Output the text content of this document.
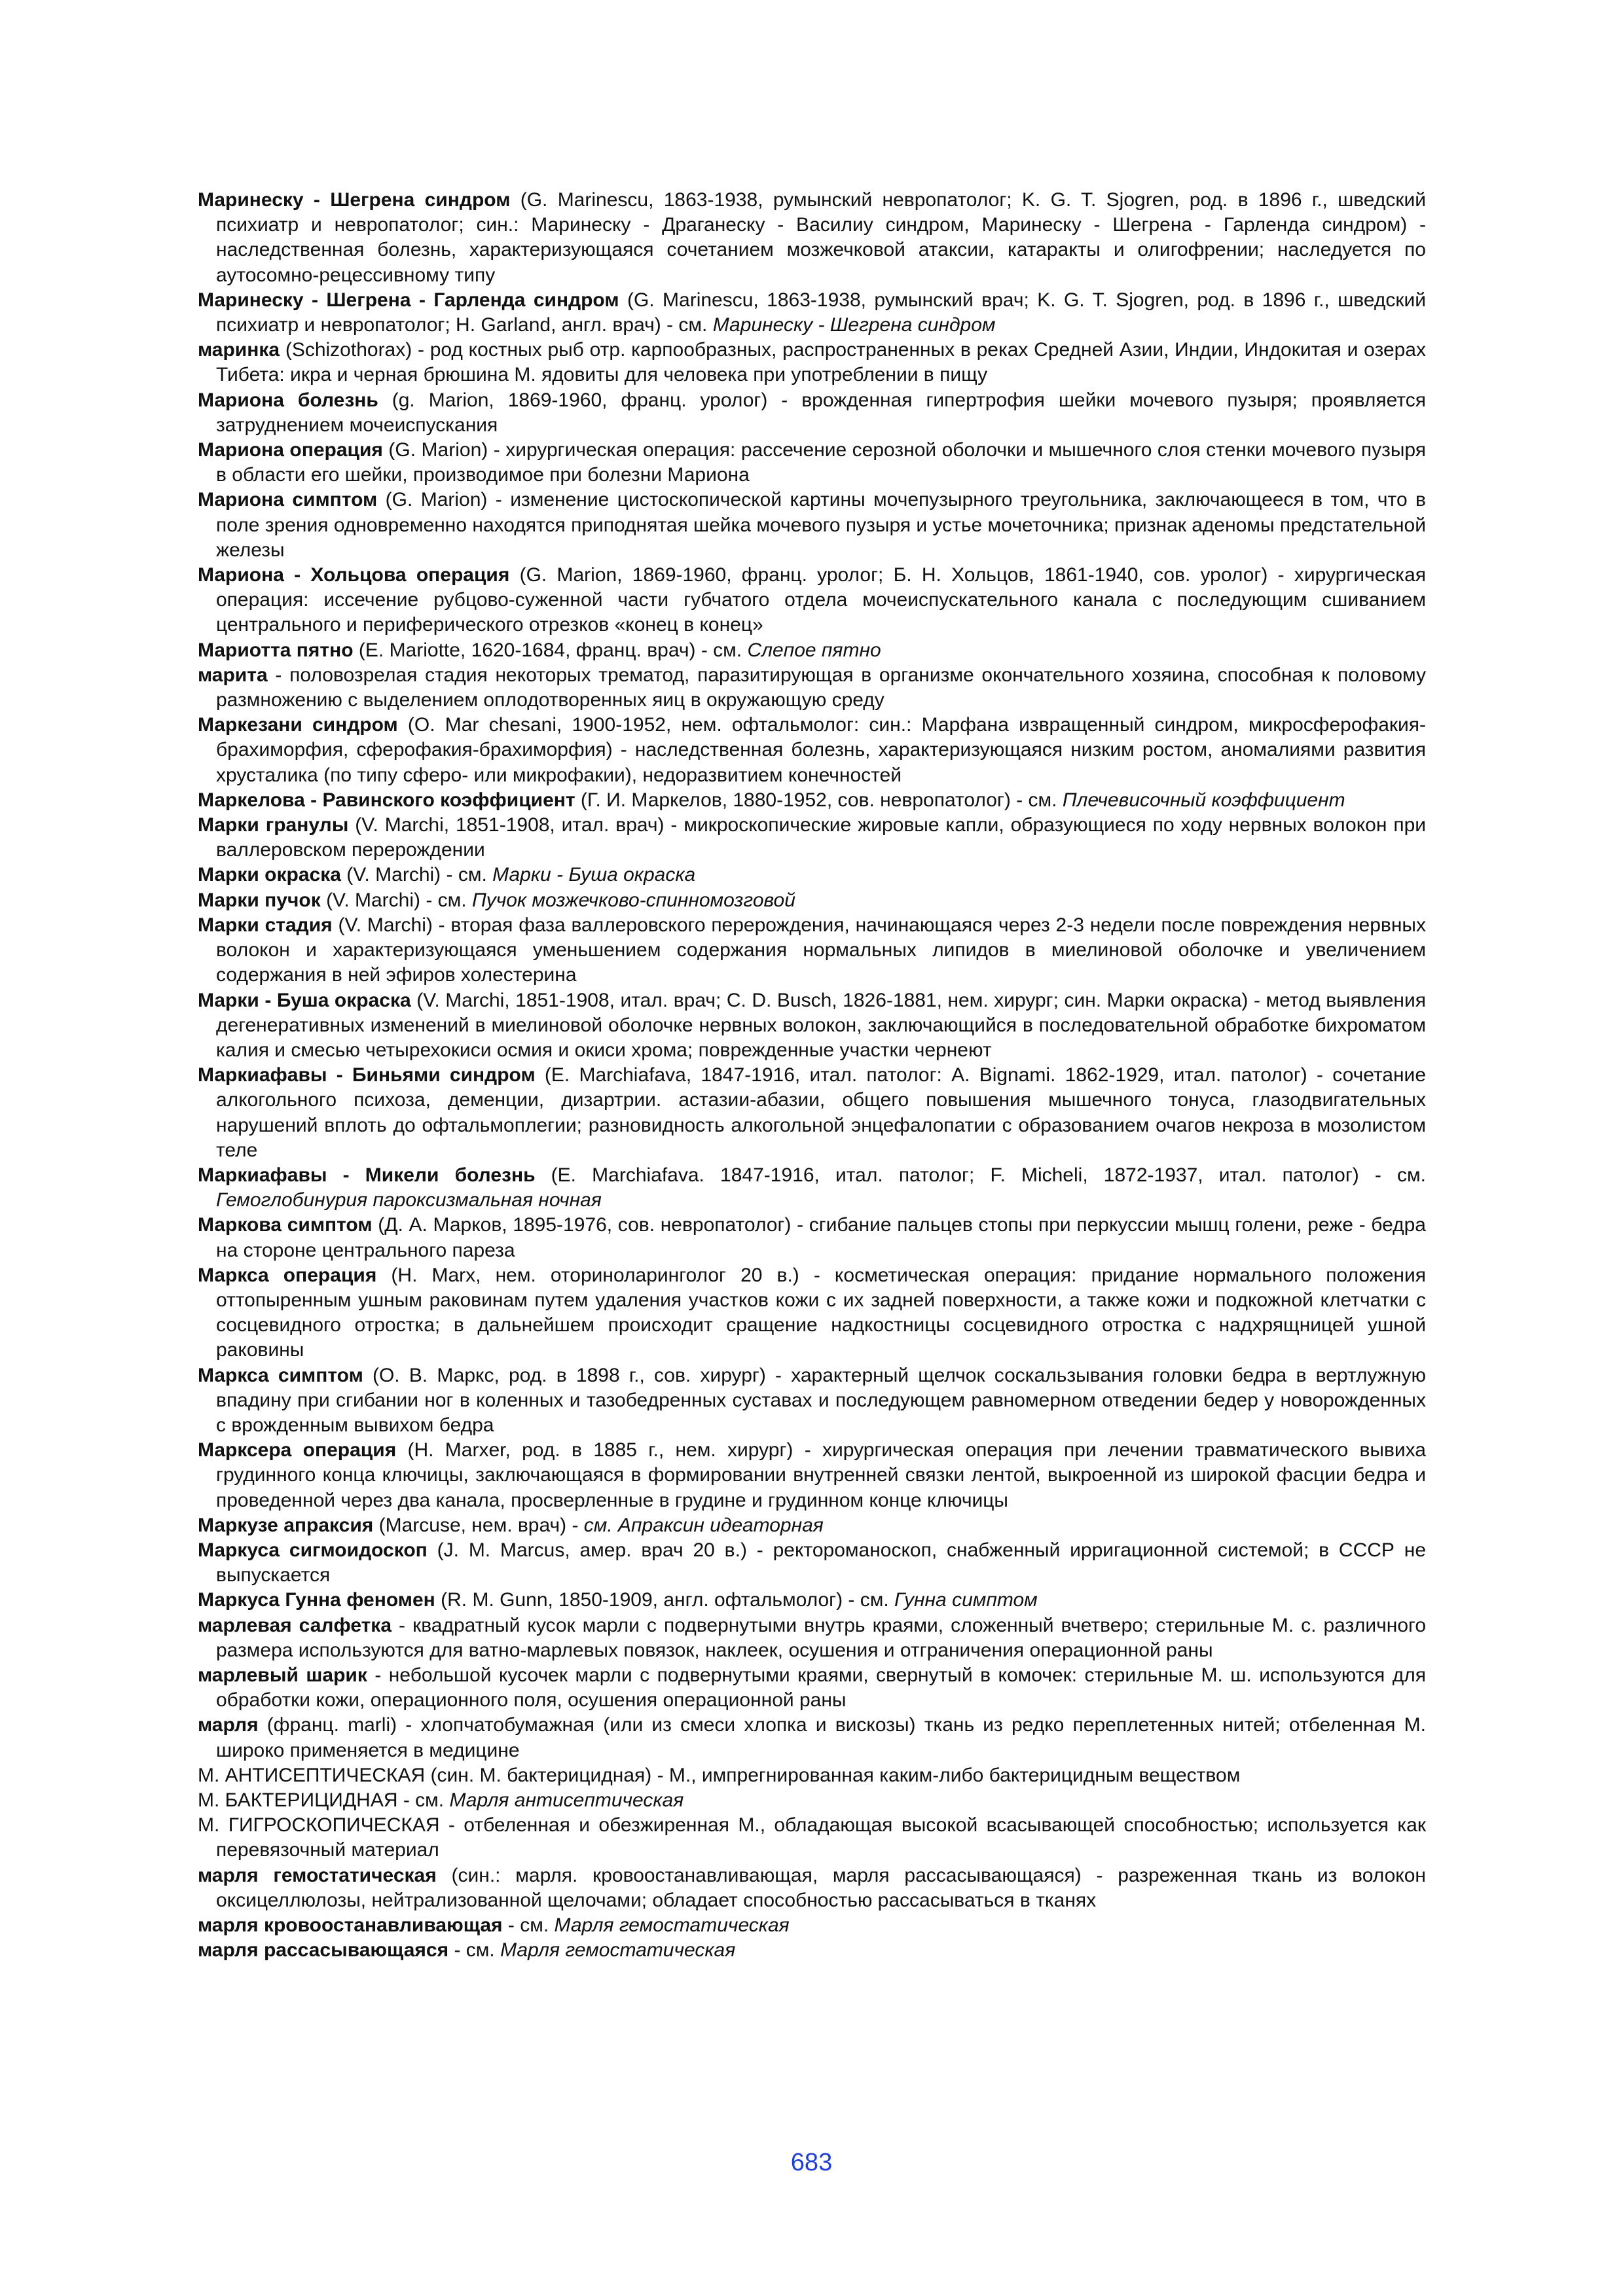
Маринеску - Шегрена синдром (G. Marinescu, 1863-1938, румынский невропатолог; K. G. T. Sjogren, род. в 1896 г., шведский психиатр и невропатолог; син.: Маринеску - Драганеску - Василиу синдром, Маринеску - Шегрена - Гарленда синдром) - наследственная болезнь, характеризующаяся сочетанием мозжечковой атаксии, катаракты и олигофрении; наследуется по аутосомно-рецессивному типу

Маринеску - Шегрена - Гарленда синдром (G. Marinescu, 1863-1938, румынский врач; K. G. T. Sjogren, род. в 1896 г., шведский психиатр и невропатолог; H. Garland, англ. врач) - см. Маринеску - Шегрена синдром

маринка (Schizothorax) - род костных рыб отр. карпообразных, распространенных в реках Средней Азии, Индии, Индокитая и озерах Тибета: икра и черная брюшина М. ядовиты для человека при употреблении в пищу

Мариона болезнь (g. Marion, 1869-1960, франц. уролог) - врожденная гипертрофия шейки мочевого пузыря; проявляется затруднением мочеиспускания

Мариона операция (G. Marion) - хирургическая операция: рассечение серозной оболочки и мышечного слоя стенки мочевого пузыря в области его шейки, производимое при болезни Мариона

Мариона симптом (G. Marion) - изменение цистоскопической картины мочепузырного треугольника, заключающееся в том, что в поле зрения одновременно находятся приподнятая шейка мочевого пузыря и устье мочеточника; признак аденомы предстательной железы

Мариона - Хольцова операция (G. Marion, 1869-1960, франц. уролог; Б. Н. Хольцов, 1861-1940, сов. уролог) - хирургическая операция: иссечение рубцово-суженной части губчатого отдела мочеиспускательного канала с последующим сшиванием центрального и периферического отрезков «конец в конец»

Мариотта пятно (E. Mariotte, 1620-1684, франц. врач) - см. Слепое пятно

марита - половозрелая стадия некоторых трематод, паразитирующая в организме окончательного хозяина, способная к половому размножению с выделением оплодотворенных яиц в окружающую среду

Маркезани синдром (O. Mar chesani, 1900-1952, нем. офтальмолог: син.: Марфана извращенный синдром, микросферофакия-брахиморфия, сферофакия-брахиморфия) - наследственная болезнь, характеризующаяся низким ростом, аномалиями развития хрусталика (по типу сферо- или микрофакии), недоразвитием конечностей

Маркелова - Равинского коэффициент (Г. И. Маркелов, 1880-1952, сов. невропатолог) - см. Плечевисочный коэффициент

Марки гранулы (V. Marchi, 1851-1908, итал. врач) - микроскопические жировые капли, образующиеся по ходу нервных волокон при валлеровском перерождении

Марки окраска (V. Marchi) - см. Марки - Буша окраска

Марки пучок (V. Marchi) - см. Пучок мозжечково-спинномозговой

Марки стадия (V. Marchi) - вторая фаза валлеровского перерождения, начинающаяся через 2-3 недели после повреждения нервных волокон и характеризующаяся уменьшением содержания нормальных липидов в миелиновой оболочке и увеличением содержания в ней эфиров холестерина

Марки - Буша окраска (V. Marchi, 1851-1908, итал. врач; C. D. Busch, 1826-1881, нем. хирург; син. Марки окраска) - метод выявления дегенеративных изменений в миелиновой оболочке нервных волокон, заключающийся в последовательной обработке бихроматом калия и смесью четырехокиси осмия и окиси хрома; поврежденные участки чернеют

Маркиафавы - Биньями синдром (E. Marchiafava, 1847-1916, итал. патолог: A. Bignami. 1862-1929, итал. патолог) - сочетание алкогольного психоза, деменции, дизартрии. астазии-абазии, общего повышения мышечного тонуса, глазодвигательных нарушений вплоть до офтальмоплегии; разновидность алкогольной энцефалопатии с образованием очагов некроза в мозолистом теле

Маркиафавы - Микели болезнь (E. Marchiafava. 1847-1916, итал. патолог; F. Micheli, 1872-1937, итал. патолог) - см. Гемоглобинурия пароксизмальная ночная

Маркова симптом (Д. А. Марков, 1895-1976, сов. невропатолог) - сгибание пальцев стопы при перкуссии мышц голени, реже - бедра на стороне центрального пареза

Маркса операция (H. Marx, нем. оториноларинголог 20 в.) - косметическая операция: придание нормального положения оттопыренным ушным раковинам путем удаления участков кожи с их задней поверхности, а также кожи и подкожной клетчатки с сосцевидного отростка; в дальнейшем происходит сращение надкостницы сосцевидного отростка с надхрящницей ушной раковины

Маркса симптом (О. В. Маркс, род. в 1898 г., сов. хирург) - характерный щелчок соскальзывания головки бедра в вертлужную впадину при сгибании ног в коленных и тазобедренных суставах и последующем равномерном отведении бедер у новорожденных с врожденным вывихом бедра

Марксера операция (H. Marxer, род. в 1885 г., нем. хирург) - хирургическая операция при лечении травматического вывиха грудинного конца ключицы, заключающаяся в формировании внутренней связки лентой, выкроенной из широкой фасции бедра и проведенной через два канала, просверленные в грудине и грудинном конце ключицы

Маркузе апраксия (Marcuse, нем. врач) - см. Апраксин идеаторная

Маркуса сигмоидоскоп (J. M. Marcus, амер. врач 20 в.) - ректороманоскоп, снабженный ирригационной системой; в СССР не выпускается

Маркуса Гунна феномен (R. M. Gunn, 1850-1909, англ. офтальмолог) - см. Гунна симптом

марлевая салфетка - квадратный кусок марли с подвернутыми внутрь краями, сложенный вчетверо; стерильные М. с. различного размера используются для ватно-марлевых повязок, наклеек, осушения и отграничения операционной раны

марлевый шарик - небольшой кусочек марли с подвернутыми краями, свернутый в комочек: стерильные М. ш. используются для обработки кожи, операционного поля, осушения операционной раны

марля (франц. marli) - хлопчатобумажная (или из смеси хлопка и вискозы) ткань из редко переплетенных нитей; отбеленная М. широко применяется в медицине

М. АНТИСЕПТИЧЕСКАЯ (син. М. бактерицидная) - М., импрегнированная каким-либо бактерицидным веществом

М. БАКТЕРИЦИДНАЯ - см. Марля антисептическая

М. ГИГРОСКОПИЧЕСКАЯ - отбеленная и обезжиренная М., обладающая высокой всасывающей способностью; используется как перевязочный материал

марля гемостатическая (син.: марля. кровоостанавливающая, марля рассасывающаяся) - разреженная ткань из волокон оксицеллюлозы, нейтрализованной щелочами; обладает способностью рассасываться в тканях

марля кровоостанавливающая - см. Марля гемостатическая

марля рассасывающаяся - см. Марля гемостатическая

683
